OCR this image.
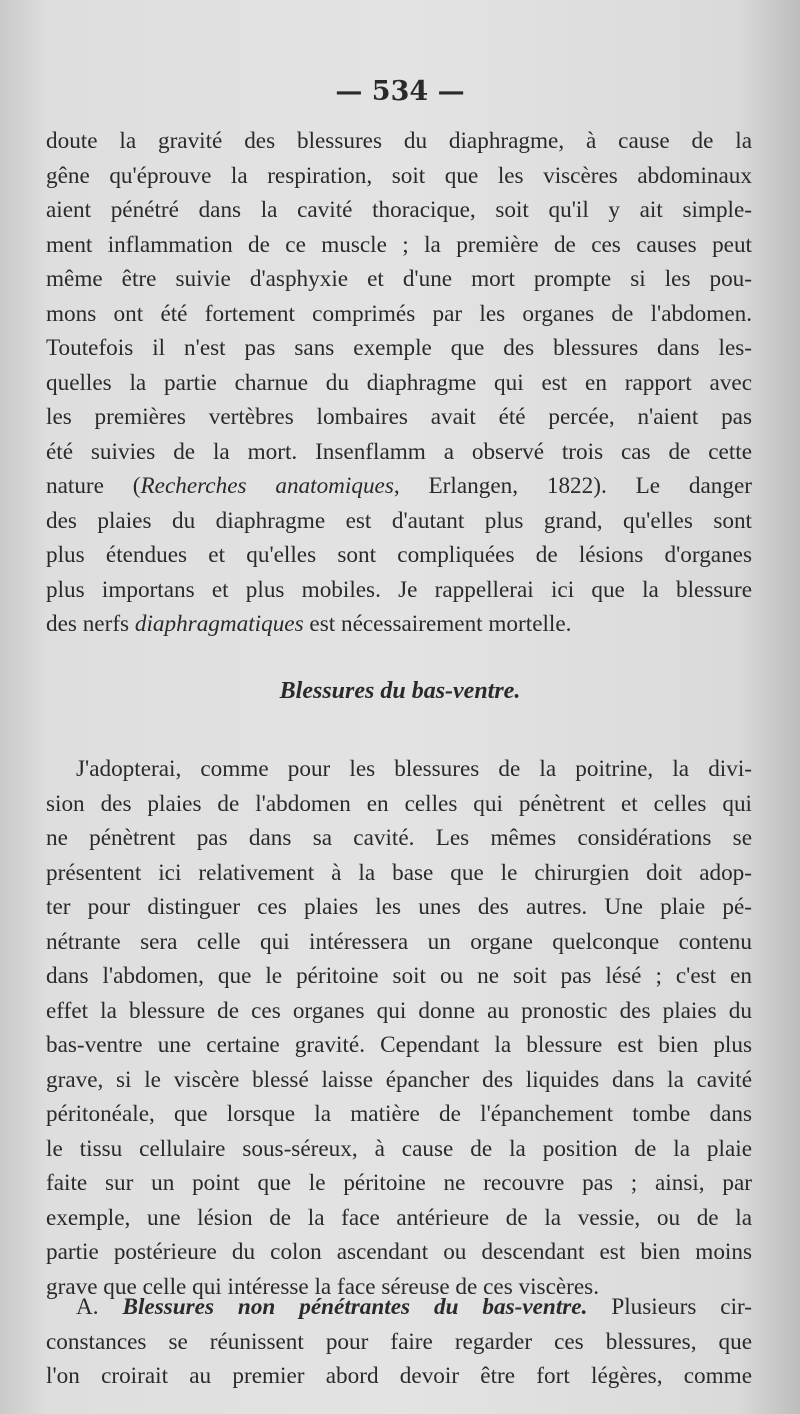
— 534 —
doute la gravité des blessures du diaphragme, à cause de la
gêne qu'éprouve la respiration, soit que les viscères abdominaux
aient pénétré dans la cavité thoracique, soit qu'il y ait simple-
ment inflammation de ce muscle ; la première de ces causes peut
même être suivie d'asphyxie et d'une mort prompte si les pou-
mons ont été fortement comprimés par les organes de l'abdomen.
Toutefois il n'est pas sans exemple que des blessures dans les-
quelles la partie charnue du diaphragme qui est en rapport avec
les premières vertèbres lombaires avait été percée, n'aient pas
été suivies de la mort. Insenflamm a observé trois cas de cette
nature (Recherches anatomiques, Erlangen, 1822). Le danger
des plaies du diaphragme est d'autant plus grand, qu'elles sont
plus étendues et qu'elles sont compliquées de lésions d'organes
plus importans et plus mobiles. Je rappellerai ici que la blessure
des nerfs diaphragmatiques est nécessairement mortelle.
Blessures du bas-ventre.
J'adopterai, comme pour les blessures de la poitrine, la divi-
sion des plaies de l'abdomen en celles qui pénètrent et celles qui
ne pénètrent pas dans sa cavité. Les mêmes considérations se
présentent ici relativement à la base que le chirurgien doit adop-
ter pour distinguer ces plaies les unes des autres. Une plaie pé-
nétrante sera celle qui intéressera un organe quelconque contenu
dans l'abdomen, que le péritoine soit ou ne soit pas lésé ; c'est en
effet la blessure de ces organes qui donne au pronostic des plaies du
bas-ventre une certaine gravité. Cependant la blessure est bien plus
grave, si le viscère blessé laisse épancher des liquides dans la cavité
péritonéale, que lorsque la matière de l'épanchement tombe dans
le tissu cellulaire sous-séreux, à cause de la position de la plaie
faite sur un point que le péritoine ne recouvre pas ; ainsi, par
exemple, une lésion de la face antérieure de la vessie, ou de la
partie postérieure du colon ascendant ou descendant est bien moins
grave que celle qui intéresse la face séreuse de ces viscères.
A. Blessures non pénétrantes du bas-ventre. Plusieurs cir-
constances se réunissent pour faire regarder ces blessures, que
l'on croirait au premier abord devoir être fort légères, comme
